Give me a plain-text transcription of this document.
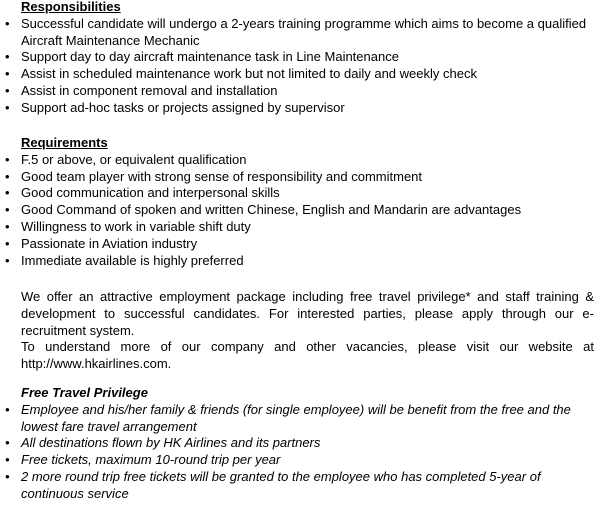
Responsibilities
• Successful candidate will undergo a 2-years training programme which aims to become a qualified Aircraft Maintenance Mechanic
• Support day to day aircraft maintenance task in Line Maintenance
• Assist in scheduled maintenance work but not limited to daily and weekly check
• Assist in component removal and installation
• Support ad-hoc tasks or projects assigned by supervisor
Requirements
• F.5 or above, or equivalent qualification
• Good team player with strong sense of responsibility and commitment
• Good communication and interpersonal skills
• Good Command of spoken and written Chinese, English and Mandarin are advantages
• Willingness to work in variable shift duty
• Passionate in Aviation industry
• Immediate available is highly preferred

We offer an attractive employment package including free travel privilege* and staff training & development to successful candidates. For interested parties, please apply through our e-recruitment system.

To understand more of our company and other vacancies, please visit our website at http://www.hkairlines.com.

Free Travel Privilege
• Employee and his/her family & friends (for single employee) will be benefit from the free and the lowest fare travel arrangement
• All destinations flown by HK Airlines and its partners
• Free tickets, maximum 10-round trip per year
• 2 more round trip free tickets will be granted to the employee who has completed 5-year of continuous service
